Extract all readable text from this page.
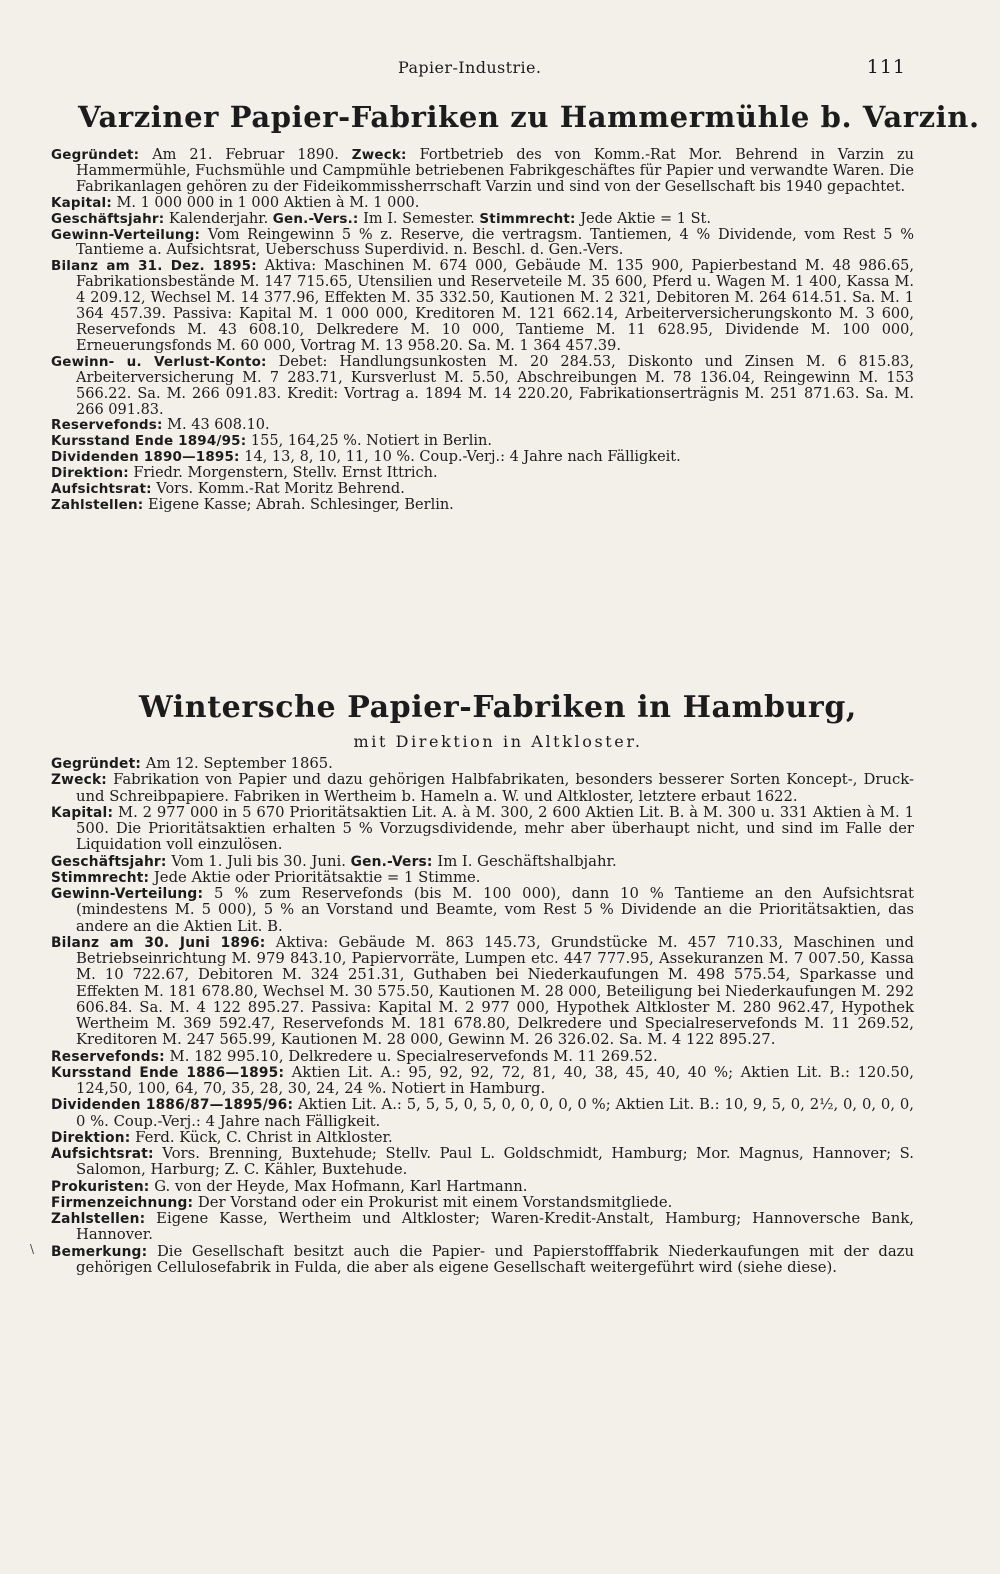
Papier-Industrie.	111
Varziner Papier-Fabriken zu Hammermühle b. Varzin.

Gegründet: Am 21. Februar 1890. Zweck: Fortbetrieb des von Komm.-Rat Mor. Behrend in Varzin zu Hammermühle, Fuchsmühle und Campmühle betriebenen Fabrikgeschäftes für Papier und verwandte Waren. Die Fabrikanlagen gehören zu der Fideikommissherrschaft Varzin und sind von der Gesellschaft bis 1940 gepachtet.

Kapital: M. 1 000 000 in 1 000 Aktien à M. 1 000.

Geschäftsjahr: Kalenderjahr. Gen.-Vers.: Im I. Semester. Stimmrecht: Jede Aktie = 1 St.

Gewinn-Verteilung: Vom Reingewinn 5 % z. Reserve, die vertragsm. Tantiemen, 4 % Dividende, vom Rest 5 % Tantieme a. Aufsichtsrat, Ueberschuss Superdivid. n. Beschl. d. Gen.-Vers.

Bilanz am 31. Dez. 1895: Aktiva: Maschinen M. 674 000, Gebäude M. 135 900, Papierbestand M. 48 986.65, Fabrikationsbestände M. 147 715.65, Utensilien und Reserveteile M. 35 600, Pferd u. Wagen M. 1 400, Kassa M. 4 209.12, Wechsel M. 14 377.96, Effekten M. 35 332.50, Kautionen M. 2 321, Debitoren M. 264 614.51. Sa. M. 1 364 457.39. Passiva: Kapital M. 1 000 000, Kreditoren M. 121 662.14, Arbeiterversicherungskonto M. 3 600, Reservefonds M. 43 608.10, Delkredere M. 10 000, Tantieme M. 11 628.95, Dividende M. 100 000, Erneuerungsfonds M. 60 000, Vortrag M. 13 958.20. Sa. M. 1 364 457.39.

Gewinn- u. Verlust-Konto: Debet: Handlungsunkosten M. 20 284.53, Diskonto und Zinsen M. 6 815.83, Arbeiterversicherung M. 7 283.71, Kursverlust M. 5.50, Abschreibungen M. 78 136.04, Reingewinn M. 153 566.22. Sa. M. 266 091.83. Kredit: Vortrag a. 1894 M. 14 220.20, Fabrikationserträgnis M. 251 871.63. Sa. M. 266 091.83.

Reservefonds: M. 43 608.10.

Kursstand Ende 1894/95: 155, 164,25 %. Notiert in Berlin.

Dividenden 1890—1895: 14, 13, 8, 10, 11, 10 %. Coup.-Verj.: 4 Jahre nach Fälligkeit.

Direktion: Friedr. Morgenstern, Stellv. Ernst Ittrich.

Aufsichtsrat: Vors. Komm.-Rat Moritz Behrend.

Zahlstellen: Eigene Kasse; Abrah. Schlesinger, Berlin.

Wintersche Papier-Fabriken in Hamburg,
mit Direktion in Altkloster.

Gegründet: Am 12. September 1865.

Zweck: Fabrikation von Papier und dazu gehörigen Halbfabrikaten, besonders besserer Sorten Koncept-, Druck- und Schreibpapiere. Fabriken in Wertheim b. Hameln a. W. und Altkloster, letztere erbaut 1622.

Kapital: M. 2 977 000 in 5 670 Prioritätsaktien Lit. A. à M. 300, 2 600 Aktien Lit. B. à M. 300 u. 331 Aktien à M. 1 500. Die Prioritätsaktien erhalten 5 % Vorzugsdividende, mehr aber überhaupt nicht, und sind im Falle der Liquidation voll einzulösen.

Geschäftsjahr: Vom 1. Juli bis 30. Juni. Gen.-Vers: Im I. Geschäftshalbjahr.

Stimmrecht: Jede Aktie oder Prioritätsaktie = 1 Stimme.

Gewinn-Verteilung: 5 % zum Reservefonds (bis M. 100 000), dann 10 % Tantieme an den Aufsichtsrat (mindestens M. 5 000), 5 % an Vorstand und Beamte, vom Rest 5 % Dividende an die Prioritätsaktien, das andere an die Aktien Lit. B.

Bilanz am 30. Juni 1896: Aktiva: Gebäude M. 863 145.73, Grundstücke M. 457 710.33, Maschinen und Betriebseinrichtung M. 979 843.10, Papiervorräte, Lumpen etc. 447 777.95, Assekuranzen M. 7 007.50, Kassa M. 10 722.67, Debitoren M. 324 251.31, Guthaben bei Niederkaufungen M. 498 575.54, Sparkasse und Effekten M. 181 678.80, Wechsel M. 30 575.50, Kautionen M. 28 000, Beteiligung bei Niederkaufungen M. 292 606.84. Sa. M. 4 122 895.27. Passiva: Kapital M. 2 977 000, Hypothek Altkloster M. 280 962.47, Hypothek Wertheim M. 369 592.47, Reservefonds M. 181 678.80, Delkredere und Specialreservefonds M. 11 269.52, Kreditoren M. 247 565.99, Kautionen M. 28 000, Gewinn M. 26 326.02. Sa. M. 4 122 895.27.

Reservefonds: M. 182 995.10, Delkredere u. Specialreservefonds M. 11 269.52.

Kursstand Ende 1886—1895: Aktien Lit. A.: 95, 92, 92, 72, 81, 40, 38, 45, 40, 40 %; Aktien Lit. B.: 120.50, 124,50, 100, 64, 70, 35, 28, 30, 24, 24 %. Notiert in Hamburg.

Dividenden 1886/87—1895/96: Aktien Lit. A.: 5, 5, 5, 0, 5, 0, 0, 0, 0, 0 %; Aktien Lit. B.: 10, 9, 5, 0, 2½, 0, 0, 0, 0, 0 %. Coup.-Verj.: 4 Jahre nach Fälligkeit.

Direktion: Ferd. Kück, C. Christ in Altkloster.

Aufsichtsrat: Vors. Brenning, Buxtehude; Stellv. Paul L. Goldschmidt, Hamburg; Mor. Magnus, Hannover; S. Salomon, Harburg; Z. C. Kähler, Buxtehude.

Prokuristen: G. von der Heyde, Max Hofmann, Karl Hartmann.

Firmenzeichnung: Der Vorstand oder ein Prokurist mit einem Vorstandsmitgliede.

Zahlstellen: Eigene Kasse, Wertheim und Altkloster; Waren-Kredit-Anstalt, Hamburg; Hannoversche Bank, Hannover.

Bemerkung: Die Gesellschaft besitzt auch die Papier- und Papierstofffabrik Niederkaufungen mit der dazu gehörigen Cellulosefabrik in Fulda, die aber als eigene Gesellschaft weitergeführt wird (siehe diese).

\
